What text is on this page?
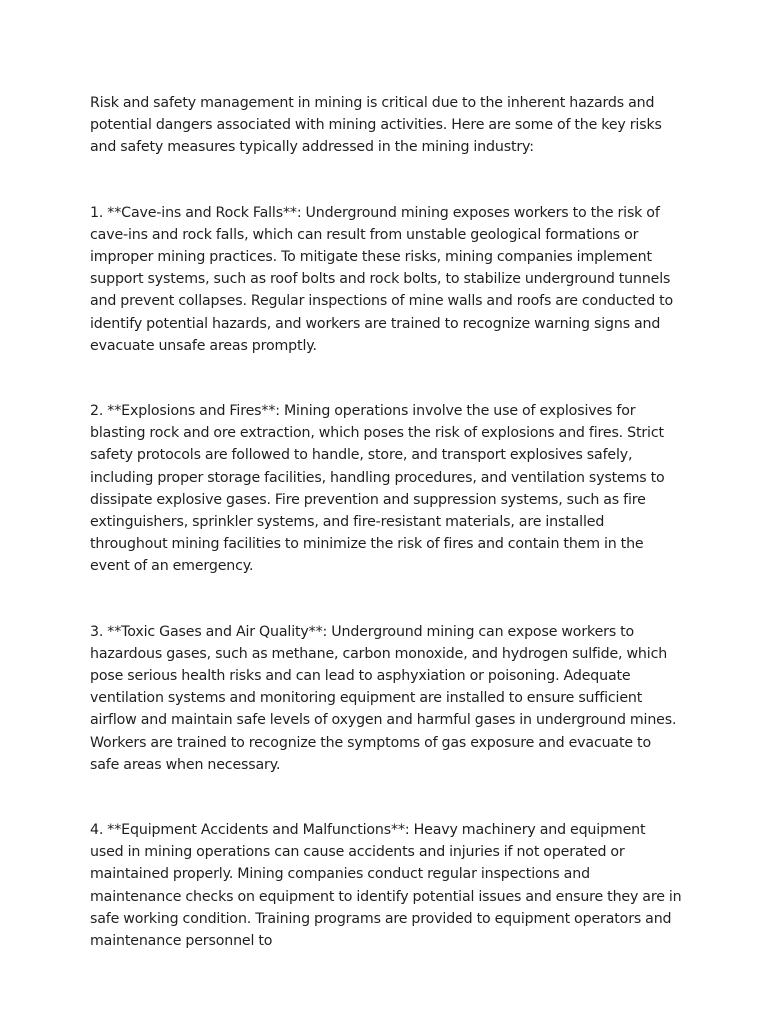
Risk and safety management in mining is critical due to the inherent hazards and potential dangers associated with mining activities. Here are some of the key risks and safety measures typically addressed in the mining industry:

1. **Cave-ins and Rock Falls**: Underground mining exposes workers to the risk of cave-ins and rock falls, which can result from unstable geological formations or improper mining practices. To mitigate these risks, mining companies implement support systems, such as roof bolts and rock bolts, to stabilize underground tunnels and prevent collapses. Regular inspections of mine walls and roofs are conducted to identify potential hazards, and workers are trained to recognize warning signs and evacuate unsafe areas promptly.

2. **Explosions and Fires**: Mining operations involve the use of explosives for blasting rock and ore extraction, which poses the risk of explosions and fires. Strict safety protocols are followed to handle, store, and transport explosives safely, including proper storage facilities, handling procedures, and ventilation systems to dissipate explosive gases. Fire prevention and suppression systems, such as fire extinguishers, sprinkler systems, and fire-resistant materials, are installed throughout mining facilities to minimize the risk of fires and contain them in the event of an emergency.

3. **Toxic Gases and Air Quality**: Underground mining can expose workers to hazardous gases, such as methane, carbon monoxide, and hydrogen sulfide, which pose serious health risks and can lead to asphyxiation or poisoning. Adequate ventilation systems and monitoring equipment are installed to ensure sufficient airflow and maintain safe levels of oxygen and harmful gases in underground mines. Workers are trained to recognize the symptoms of gas exposure and evacuate to safe areas when necessary.

4. **Equipment Accidents and Malfunctions**: Heavy machinery and equipment used in mining operations can cause accidents and injuries if not operated or maintained properly. Mining companies conduct regular inspections and maintenance checks on equipment to identify potential issues and ensure they are in safe working condition. Training programs are provided to equipment operators and maintenance personnel to
